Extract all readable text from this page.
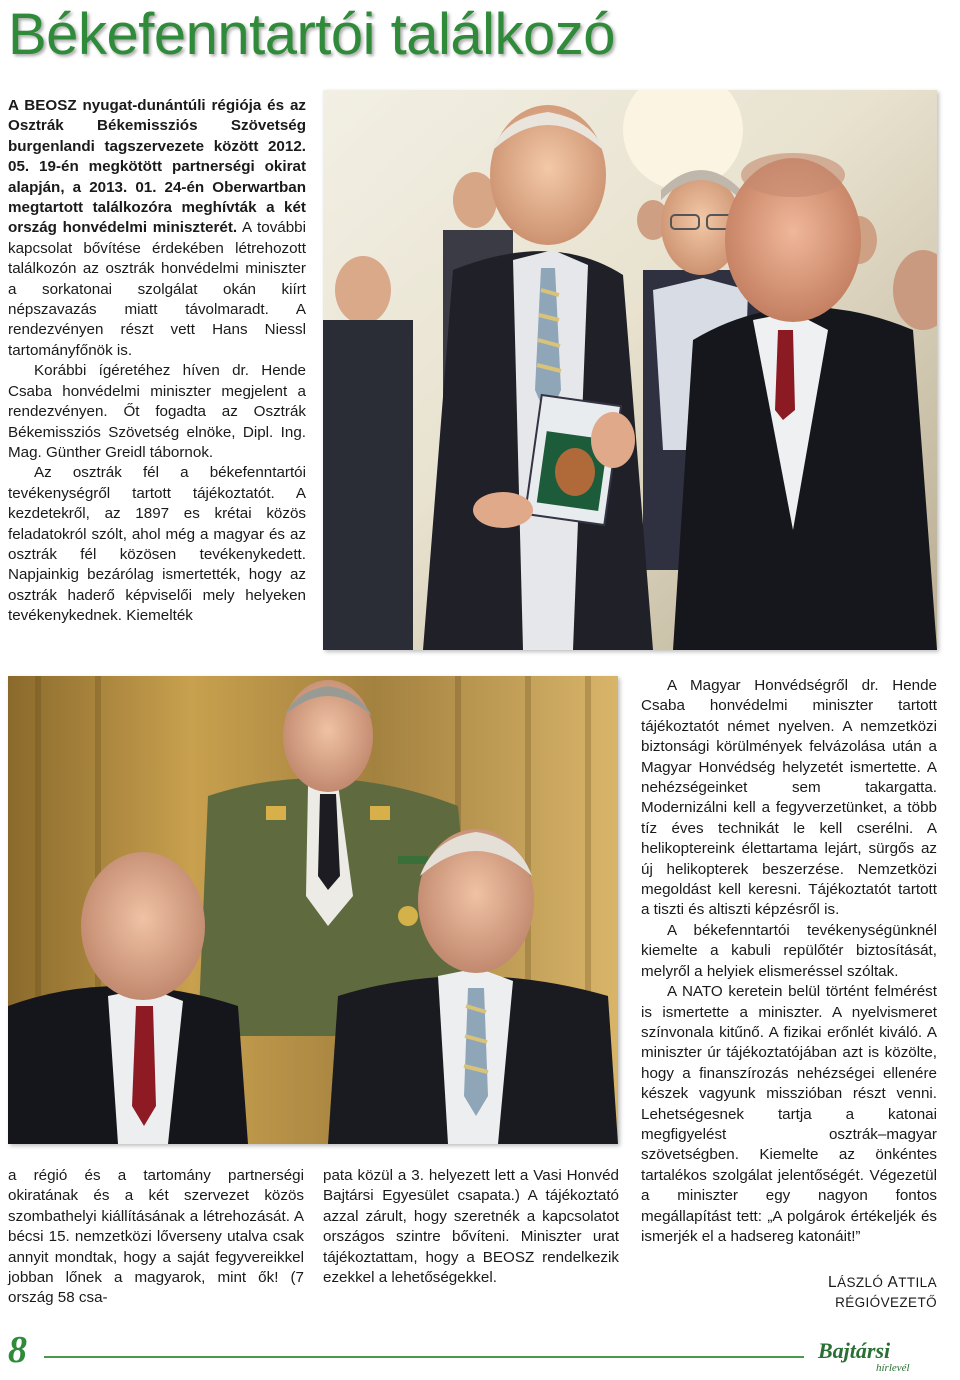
Békefenntartói találkozó

A BEOSZ nyugat-dunántúli régiója és az Osztrák Békemissziós Szövetség burgenlandi tagszervezete között 2012. 05. 19-én megkötött partnerségi okirat alapján, a 2013. 01. 24-én Oberwartban megtartott találkozóra meghívták a két ország honvédelmi miniszterét. A további kapcsolat bővítése érdekében létrehozott találkozón az osztrák honvédelmi miniszter a sorkatonai szolgálat okán kiírt népszavazás miatt távolmaradt. A rendezvényen részt vett Hans Niessl tartományfőnök is.

Korábbi ígéretéhez híven dr. Hende Csaba honvédelmi miniszter megjelent a rendezvényen. Őt fogadta az Osztrák Békemissziós Szövetség elnöke, Dipl. Ing. Mag. Günther Greidl tábornok.

Az osztrák fél a békefenntartói tevékenységről tartott tájékoztatót. A kezdetekről, az 1897 es krétai közös feladatokról szólt, ahol még a magyar és az osztrák fél közösen tevékenykedett. Napjainkig bezárólag ismertették, hogy az osztrák haderő képviselői mely helyeken tevékenykednek. Kiemelték

a régió és a tartomány partnerségi okiratának és a két szervezet közös szombathelyi kiállításának a létrehozását. A bécsi 15. nemzetközi lőverseny utalva csak annyit mondtak, hogy a saját fegyvereikkel jobban lőnek a magyarok, mint ők! (7 ország 58 csa-

pata közül a 3. helyezett lett a Vasi Honvéd Bajtársi Egyesület csapata.) A tájékoztató azzal zárult, hogy szeretnék a kapcsolatot országos szintre bővíteni. Miniszter urat tájékoztattam, hogy a BEOSZ rendelkezik ezekkel a lehetőségekkel.

A Magyar Honvédségről dr. Hende Csaba honvédelmi miniszter tartott tájékoztatót német nyelven. A nemzetközi biztonsági körülmények felvázolása után a Magyar Honvédség helyzetét ismertette. A nehézségeinket sem takargatta. Modernizálni kell a fegyverzetünket, a több tíz éves technikát le kell cserélni. A helikoptereink élettartama lejárt, sürgős az új helikopterek beszerzése. Nemzetközi megoldást kell keresni. Tájékoztatót tartott a tiszti és altiszti képzésről is.

A békefenntartói tevékenységünknél kiemelte a kabuli repülőtér biztosítását, melyről a helyiek elismeréssel szóltak.

A NATO keretein belül történt felmérést is ismertette a miniszter. A nyelvismeret színvonala kitűnő. A fizikai erőnlét kiváló. A miniszter úr tájékoztatójában azt is közölte, hogy a finanszírozás nehézségei ellenére készek vagyunk misszióban részt venni. Lehetségesnek tartja a katonai megfigyelést osztrák–magyar szövetségben. Kiemelte az önkéntes tartalékos szolgálat jelentőségét. Végezetül a miniszter egy nagyon fontos megállapítást tett: „A polgárok értékeljék és ismerjék el a hadsereg katonáit!”

LÁSZLÓ ATTILA
RÉGIÓVEZETŐ
8	Bajtársi
hírlevél
